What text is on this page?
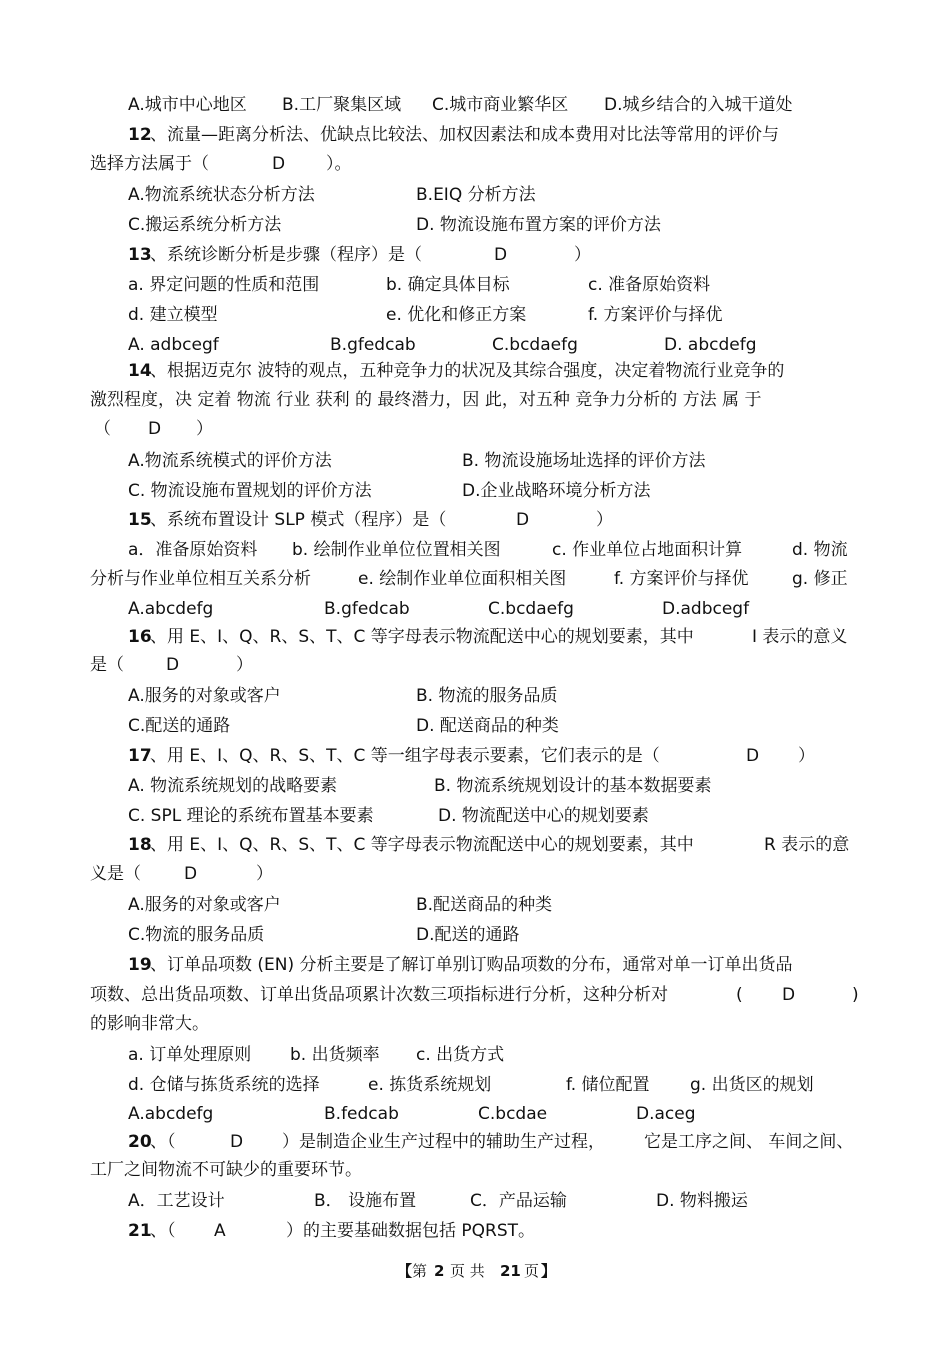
A.城市中心地区 B.工厂聚集区域 C.城市商业繁华区 D.城乡结合的入城干道处
12
、流量—距离分析法、优缺点比较法、加权因素法和成本费用对比法等常用的评价与
选择方法属于（	D ）。
A.物流系统状态分析方法	B.EIQ 分析方法
C.搬运系统分析方法	D. 物流设施布置方案的评价方法
13
、系统诊断分析是步骤（程序）是（	D	）
a. 界定问题的性质和范围	b. 确定具体目标	c. 准备原始资料
d. 建立模型	e. 优化和修正方案	f. 方案评价与择优
A. adbcegf	B.gfedcab	C.bcdaefg	D. abcdefg
14
、根据迈克尔 波特的观点，五种竞争力的状况及其综合强度，决定着物流行业竞争的
激烈程度，决 定着 物流 行业 获利 的 最终潜力，因 此，对五种 竞争力分析的 方法 属 于
（ D ）
A.物流系统模式的评价方法	B. 物流设施场址选择的评价方法
C. 物流设施布置规划的评价方法	D.企业战略环境分析方法
15
、系统布置设计 SLP 模式（程序）是（	D	）
a．准备原始资料 b. 绘制作业单位位置相关图	c. 作业单位占地面积计算	d. 物流
分析与作业单位相互关系分析	e. 绘制作业单位面积相关图	f. 方案评价与择优	g. 修正
A.abcdefg	B.gfedcab	C.bcdaefg	D.adbcegf
16
、用 E、I、Q、R、S、T、C 等字母表示物流配送中心的规划要素，其中	I 表示的意义
是（ D	）
A.服务的对象或客户	B. 物流的服务品质
C.配送的通路	D. 配送商品的种类
17
、用 E、I、Q、R、S、T、C 等一组字母表示要素，它们表示的是（	D ）
A. 物流系统规划的战略要素	B. 物流系统规划设计的基本数据要素
C. SPL 理论的系统布置基本要素	D. 物流配送中心的规划要素
18
、用 E、I、Q、R、S、T、C 等字母表示物流配送中心的规划要素，其中	R 表示的意
义是（	D	）
A.服务的对象或客户	B.配送商品的种类
C.物流的服务品质	D.配送的通路
19
、订单品项数 (EN) 分析主要是了解订单别订购品项数的分布，通常对单一订单出货品
项数、总出货品项数、订单出货品项累计次数三项指标进行分析，这种分析对	( D	)
的影响非常大。
a. 订单处理原则 b. 出货频率 c. 出货方式
d. 仓储与拣货系统的选择	e. 拣货系统规划	f. 储位配置 g. 出货区的规划
A.abcdefg	B.fedcab	C.bcdae	D.aceg
20
、（	D ）是制造企业生产过程中的辅助生产过程， 它是工序之间、 车间之间、
工厂之间物流不可缺少的重要环节。
A．工艺设计	B． 设施布置	C．产品运输	D. 物料搬运
21
、（ A	）的主要基础数据包括 PQRST。
【 第 2 页 共 21 页 】
